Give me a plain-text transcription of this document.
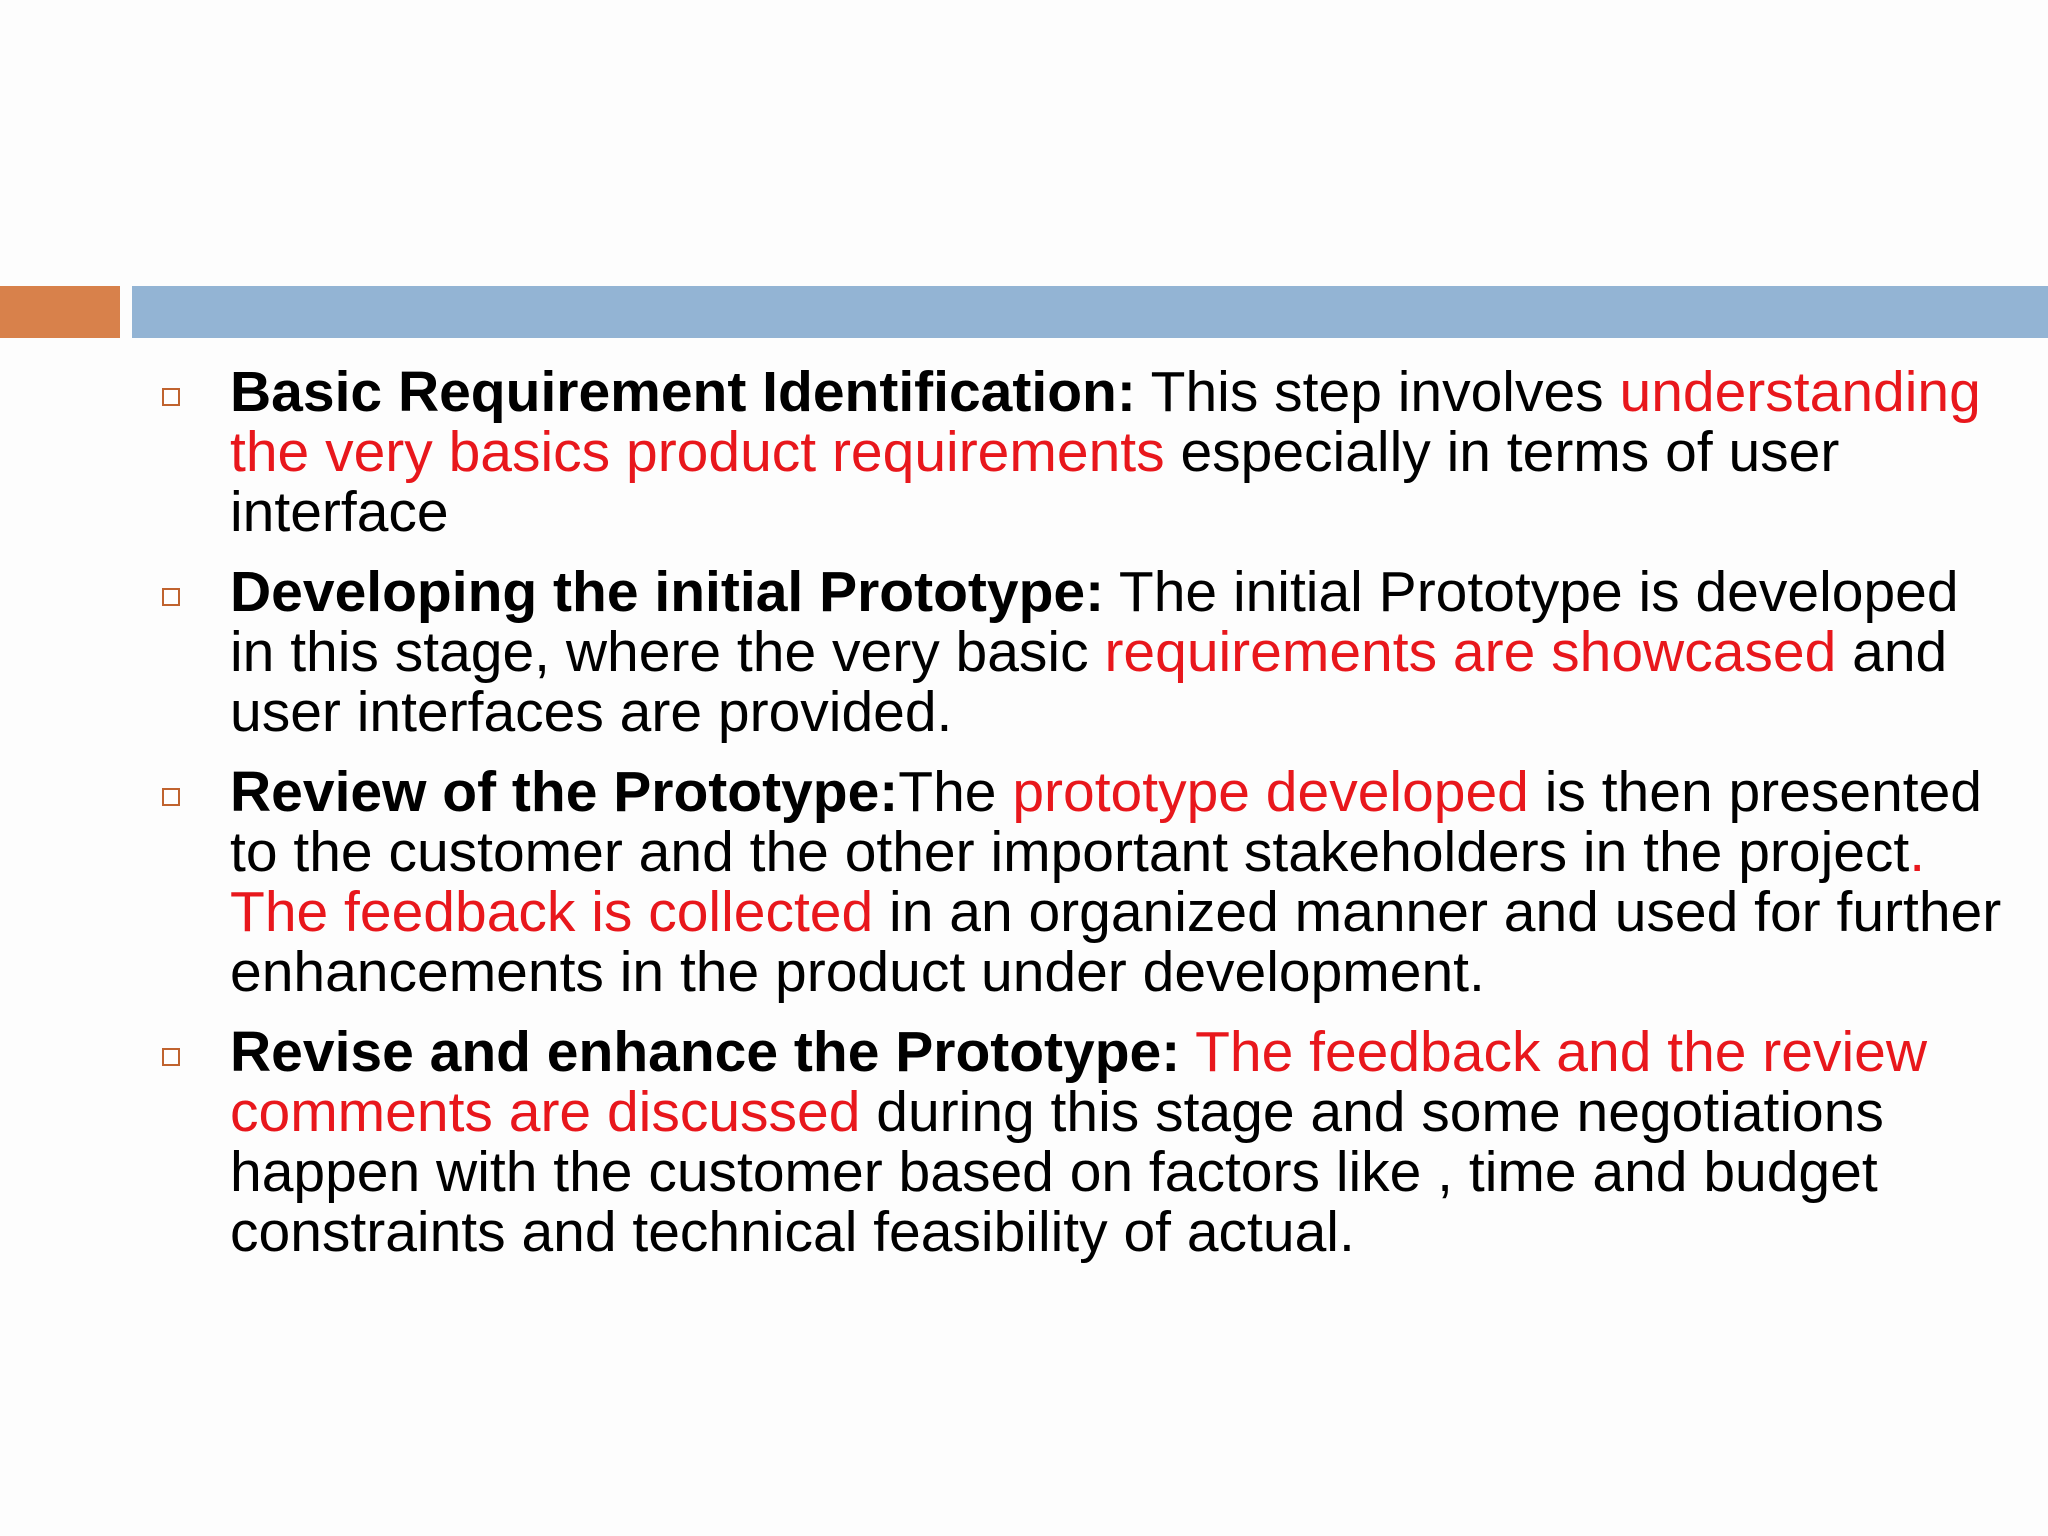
Basic Requirement Identification: This step involves understanding the very basics product requirements especially in terms of user interface
Developing the initial Prototype: The initial Prototype is developed in this stage, where the very basic requirements are showcased and user interfaces are provided.
Review of the Prototype:The prototype developed is then presented to the customer and the other important stakeholders in the project. The feedback is collected in an organized manner and used for further enhancements in the product under development.
Revise and enhance the Prototype: The feedback and the review comments are discussed during this stage and some negotiations happen with the customer based on factors like , time and budget constraints and technical feasibility of actual.
